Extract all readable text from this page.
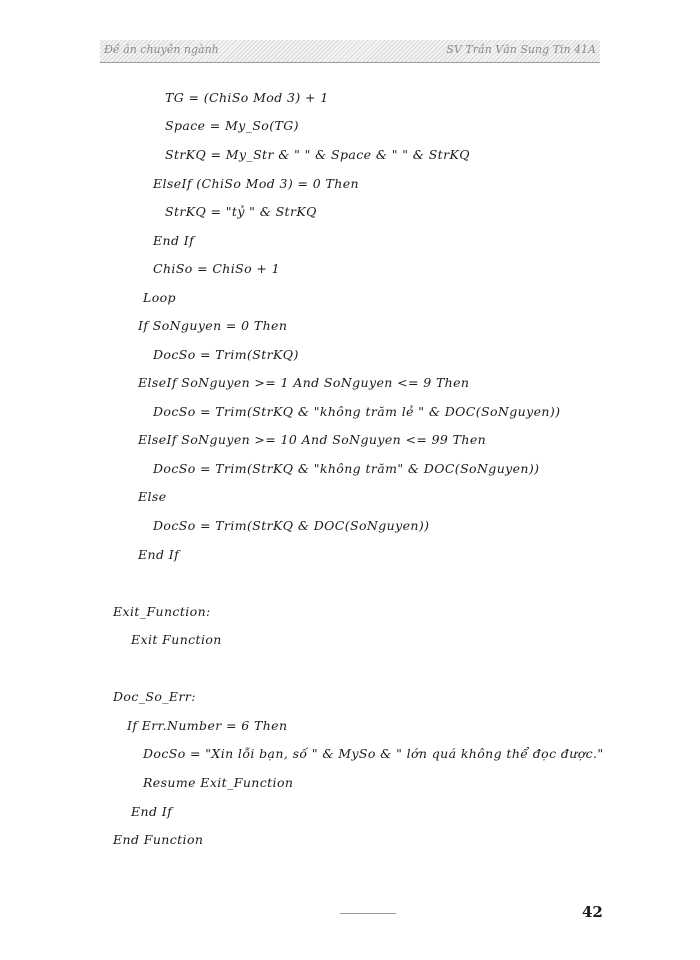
Đề án chuyên ngành	SV Trần Văn Sung Tin 41A
TG = (ChiSo Mod 3) + 1
Space = My_So(TG)
StrKQ = My_Str & " " & Space & " " & StrKQ
ElseIf (ChiSo Mod 3) = 0 Then
StrKQ = "tỷ " & StrKQ
End If
ChiSo = ChiSo + 1
Loop
If SoNguyen = 0 Then
DocSo = Trim(StrKQ)
ElseIf SoNguyen >= 1 And SoNguyen <= 9 Then
DocSo = Trim(StrKQ & "không trăm lẻ " & DOC(SoNguyen))
ElseIf SoNguyen >= 10 And SoNguyen <= 99 Then
DocSo = Trim(StrKQ & "không trăm" & DOC(SoNguyen))
Else
DocSo = Trim(StrKQ & DOC(SoNguyen))
End If
Exit_Function:
Exit Function
Doc_So_Err:
If Err.Number = 6 Then
DocSo = "Xin lỗi bạn, số " & MySo & " lớn quá không thể đọc được."
Resume Exit_Function
End If
End Function
42
